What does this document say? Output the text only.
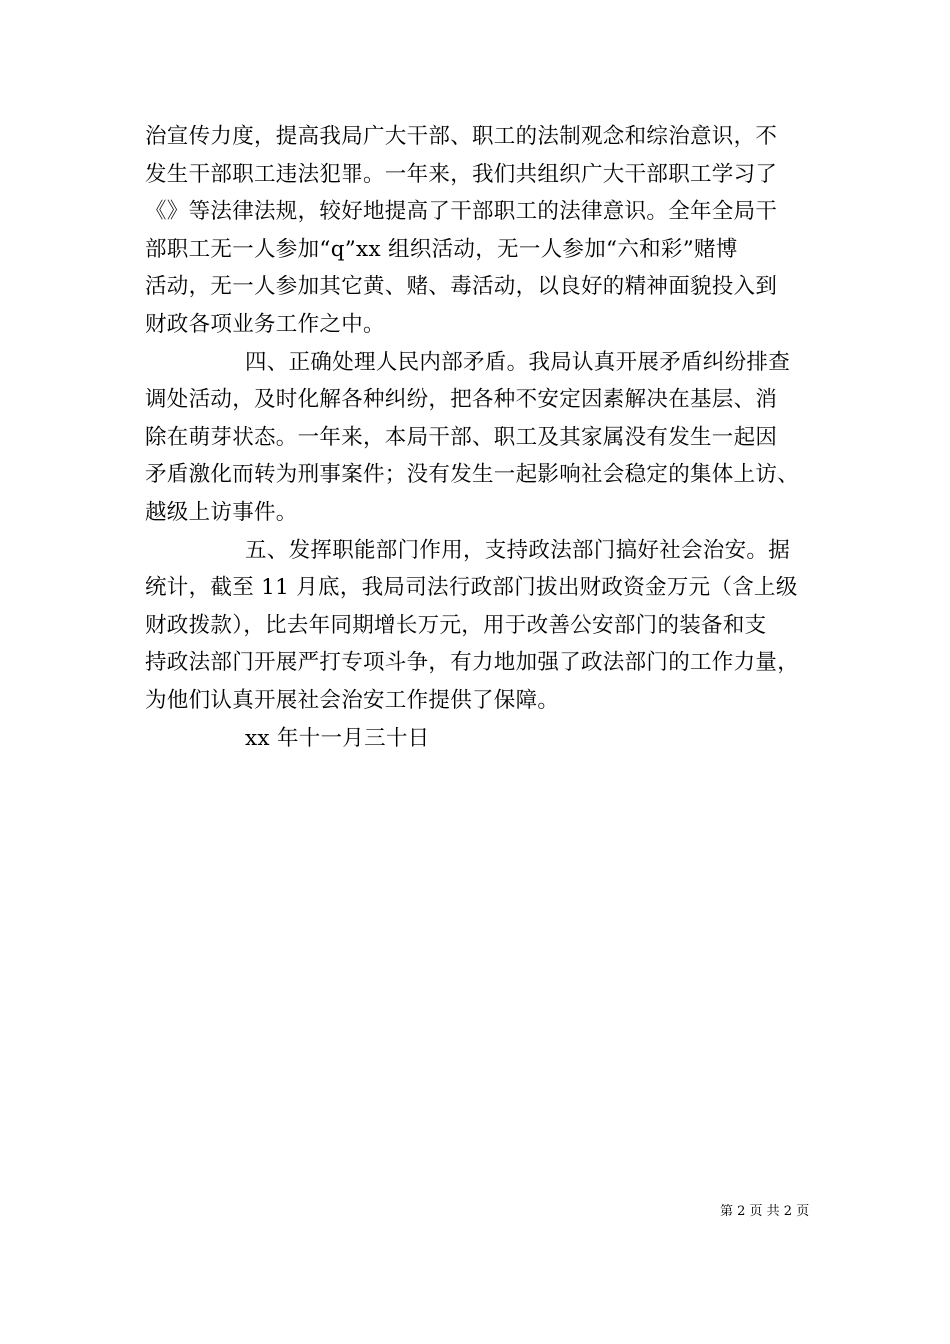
治宣传力度，提高我局广大干部、职工的法制观念和综治意识，不
发生干部职工违法犯罪。一年来，我们共组织广大干部职工学习了
《》等法律法规，较好地提高了干部职工的法律意识。全年全局干
部职工无一人参加“q”xx 组织活动，无一人参加“六和彩”赌博
活动，无一人参加其它黄、赌、毒活动，以良好的精神面貌投入到
财政各项业务工作之中。
四、正确处理人民内部矛盾。我局认真开展矛盾纠纷排查
调处活动，及时化解各种纠纷，把各种不安定因素解决在基层、消
除在萌芽状态。一年来，本局干部、职工及其家属没有发生一起因
矛盾激化而转为刑事案件；没有发生一起影响社会稳定的集体上访、
越级上访事件。
五、发挥职能部门作用，支持政法部门搞好社会治安。据
统计，截至 11 月底，我局司法行政部门拔出财政资金万元（含上级
财政拨款），比去年同期增长万元，用于改善公安部门的装备和支
持政法部门开展严打专项斗争，有力地加强了政法部门的工作力量，
为他们认真开展社会治安工作提供了保障。
xx 年十一月三十日
第 2 页 共 2 页
